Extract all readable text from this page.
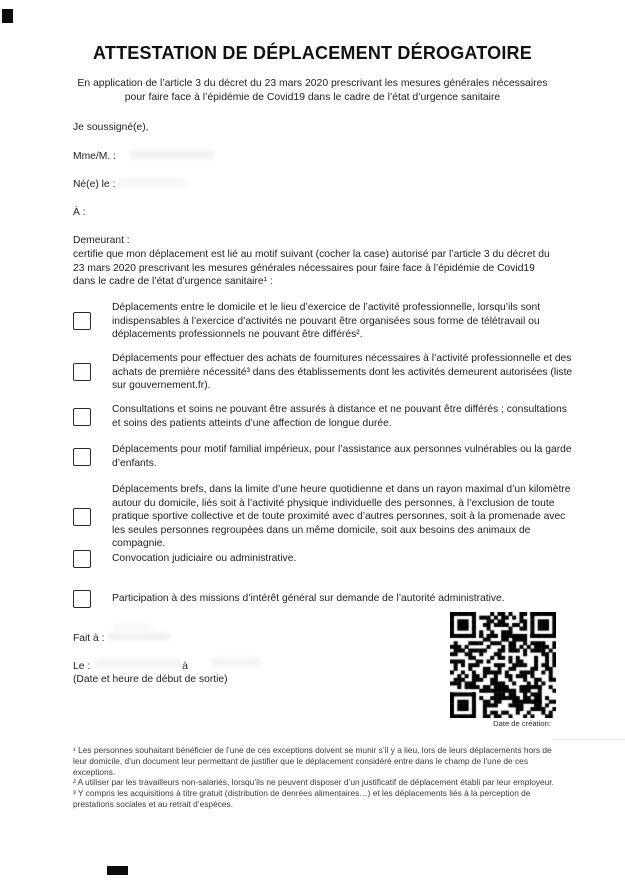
ATTESTATION DE DÉPLACEMENT DÉROGATOIRE

En application de l’article 3 du décret du 23 mars 2020 prescrivant les mesures générales nécessaires pour faire face à l’épidémie de Covid19 dans le cadre de l’état d’urgence sanitaire

Je soussigné(e),
Mme/M. :
Né(e) le :
À :
Demeurant :

certifie que mon déplacement est lié au motif suivant (cocher la case) autorisé par l’article 3 du décret du 23 mars 2020 prescrivant les mesures générales nécessaires pour faire face à l’épidémie de Covid19 dans le cadre de l’état d’urgence sanitaire¹ :

Déplacements entre le domicile et le lieu d’exercice de l’activité professionnelle, lorsqu’ils sont indispensables à l’exercice d’activités ne pouvant être organisées sous forme de télétravail ou déplacements professionnels ne pouvant être différés².
Déplacements pour effectuer des achats de fournitures nécessaires à l’activité professionnelle et des achats de première nécessité³ dans des établissements dont les activités demeurent autorisées (liste sur gouvernement.fr).
Consultations et soins ne pouvant être assurés à distance et ne pouvant être différés ; consultations et soins des patients atteints d’une affection de longue durée.
Déplacements pour motif familial impérieux, pour l’assistance aux personnes vulnérables ou la garde d’enfants.
Déplacements brefs, dans la limite d’une heure quotidienne et dans un rayon maximal d’un kilomètre autour du domicile, liés soit à l’activité physique individuelle des personnes, à l’exclusion de toute pratique sportive collective et de toute proximité avec d’autres personnes, soit à la promenade avec les seules personnes regroupées dans un même domicile, soit aux besoins des animaux de compagnie.
Convocation judiciaire ou administrative.
Participation à des missions d’intérêt général sur demande de l’autorité administrative.
Fait à :
Le :	à
(Date et heure de début de sortie)
Date de création:

¹ Les personnes souhaitant bénéficier de l’une de ces exceptions doivent se munir s’il y a lieu, lors de leurs déplacements hors de leur domicile, d’un document leur permettant de justifier que le déplacement considéré entre dans le champ de l’une de ces exceptions.

² A utiliser par les travailleurs non-salariés, lorsqu’ils ne peuvent disposer d’un justificatif de déplacement établi par leur employeur.

³ Y compris les acquisitions à titre gratuit (distribution de denrées alimentaires…) et les déplacements liés à la perception de prestations sociales et au retrait d’espèces.
